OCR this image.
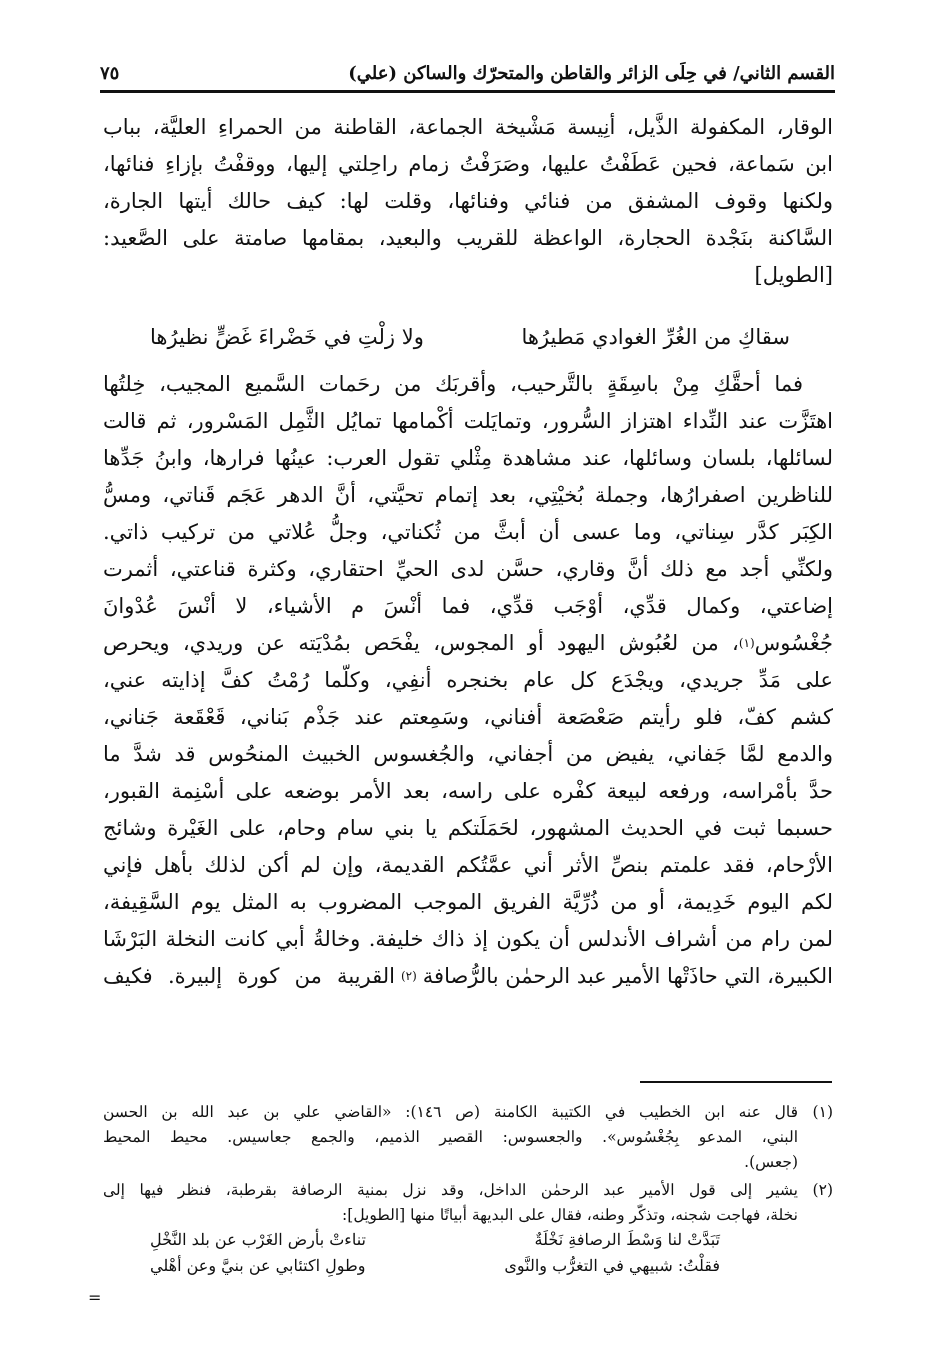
القسم الثاني/ في حِلَى الزائر والقاطن والمتحرّك والساكن (علي)
٧٥
الوقار، المكفولة الذَّيل، أنِيسة مَشْيخة الجماعة، القاطنة من الحمراءِ العليَّة، بباب
ابن سَماعة، فحين عَطَفْتُ عليها، وصَرَفْتُ زمام راحِلتي إليها، ووقفْتُ بإزاءِ فنائها،
ولكنها وقوف المشفق من فنائي وفنائها، وقلت لها: كيف حالك أيتها الجارة،
السَّاكنة بنَجْدة الحجارة، الواعظة للقريب والبعيد، بمقامها صامتة على الصَّعيد:
[الطويل]
سقاكِ من الغُرِّ الغوادي مَطيرُها
ولا زلْتِ في خَضْراءَ غَضٍّ نظيرُها
فما أحقَّكِ مِنْ باسِقَةٍ بالتَّرحيب، وأقربَك من رحَمات السَّميع المجيب، خِلتُها
اهتَزَّت عند النِّداء اهتزاز السُّرور، وتمايَلت أكْمامها تمايُل الثَّمِل المَسْرور، ثم قالت
لسائلها، بلسان وسائلها، عند مشاهدة مِثْلي تقول العرب: عينُها فرارها، وابنُ جَدِّها
للناظرين اصفرارُها، وجملة بُخيْتِي، بعد إتمام تحيَّتي، أنَّ الدهر عَجَم قَناتي، ومسُّ
الكِبَر كدَّر سِناتي، وما عسى أن أبثَّ من ثُكناتي، وجلُّ عُلاتي من تركيب ذاتي.
ولكنِّي أجد مع ذلك أنَّ وقاري، حسَّن لدى الحيِّ احتقاري، وكثرة قناعتي، أثمرت
إضاعتي، وكمال قدِّي، أوْجَب قدِّي، فما أنْسَ م الأشياء، لا أنْسَ عُدْوانَ
جُغْسُوس
(١)
، من لعُبُوش اليهود أو المجوس، يفْحَص بمُدْيَته عن وريدي، ويحرص
على مَدِّ جريدي، ويجْدَع كل عام بخنجره أنفِي، وكلّما رُمْتُ كفَّ إذايته عني،
كشم كفّ، فلو رأيتم صَعْصَعة أفناني، وسَمِعتم عند جَذْم بَناني، قَعْقَعة جَناني،
والدمع لمَّا جَفاني، يفيض من أجفاني، والجُغسوس الخبيث المنحُوس قد شدَّ ما
حدَّ بأمْراسه، ورفعه لبيعة كفْره على راسه، بعد الأمر بوضعه على أسْنِمة القبور،
حسبما ثبت في الحديث المشهور، لحَمَلَتكم يا بني سام وحام، على الغَيْرة وشائج
الأرْحام، فقد علمتم بنصِّ الأثر أني عمَّتُكم القديمة، وإن لم أكن لذلك بأهل فإني
لكم اليوم خَدِيمة، أو من ذُرِّيَّة الفريق الموجب المضروب به المثل يوم السَّقِيفة،
لمن رام من أشراف الأندلس أن يكون إذ ذاك خليفة. وخالةُ أبي كانت النخلة البَرْشَا
الكبيرة، التي حاذَتْها الأمير عبد الرحمٰن بالرُّصافة
(٢)
القريبة من كورة إلبيرة. فكيف
(١)
قال عنه ابن الخطيب في الكتيبة الكامنة (ص ١٤٦): «القاضي علي بن عبد الله بن الحسن
البني، المدعو بِجُغْسُوس». والجعسوس: القصير الذميم، والجمع جعاسيس. محيط المحيط
(جعس).
(٢)
يشير إلى قول الأمير عبد الرحمٰن الداخل، وقد نزل بمنية الرصافة بقرطبة، فنظر فيها إلى
نخلة، فهاجت شجنه، وتذكّر وطنه، فقال على البديهة أبياتًا منها [الطويل]:
تَبَدَّتْ لنا وَسْطَ الرصافةِ نَخْلَةٌ
تناءتْ بأرض الغَرْب عن بلد النَّخْلِ
فقلْتُ: شبيهي في التغرُّب والنَّوى
وطولِ اكتئابي عن بنيَّ وعن أهْلي
=
